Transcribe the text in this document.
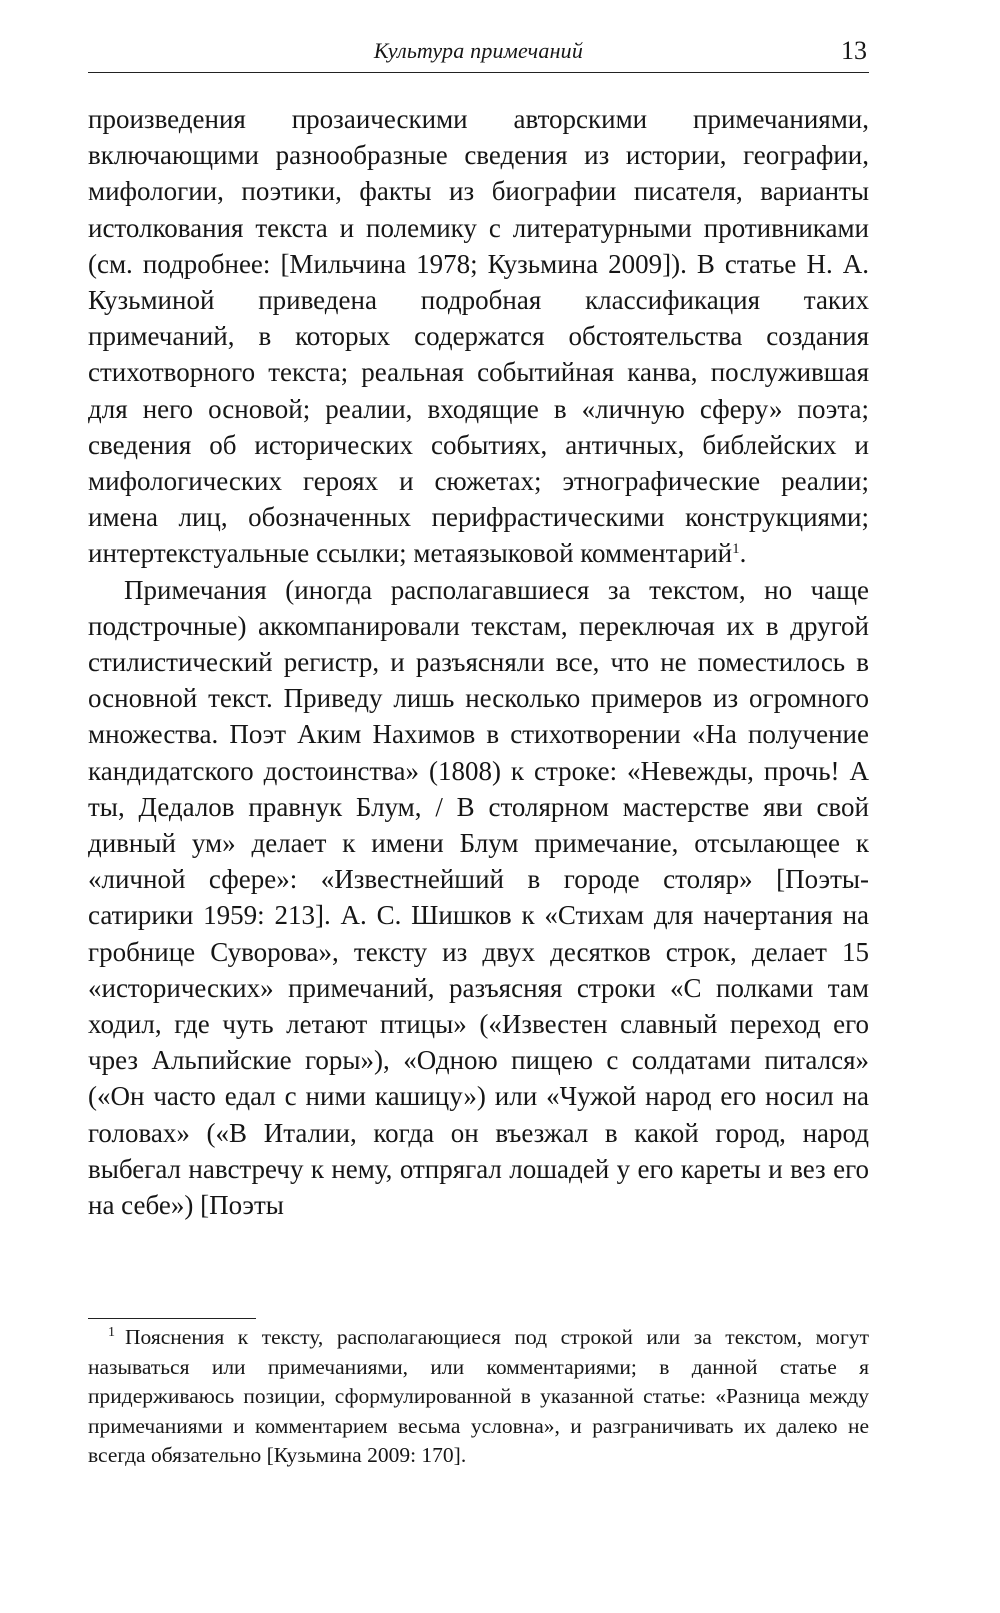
Культура примечаний	13

произведения прозаическими авторскими примечаниями, включающими разнообразные сведения из истории, географии, мифологии, поэтики, факты из биографии писателя, варианты истолкования текста и полемику с литературными противниками (см. подробнее: [Мильчина 1978; Кузьмина 2009]). В статье Н. А. Кузьминой приведена подробная классификация таких примечаний, в которых содержатся обстоятельства создания стихотворного текста; реальная событийная канва, послужившая для него основой; реалии, входящие в «личную сферу» поэта; сведения об исторических событиях, античных, библейских и мифологических героях и сюжетах; этнографические реалии; имена лиц, обозначенных перифрастическими конструкциями; интертекстуальные ссылки; метаязыковой комментарий$^1$.

Примечания (иногда располагавшиеся за текстом, но чаще подстрочные) аккомпанировали текстам, переключая их в другой стилистический регистр, и разъясняли все, что не поместилось в основной текст. Приведу лишь несколько примеров из огромного множества. Поэт Аким Нахимов в стихотворении «На получение кандидатского достоинства» (1808) к строке: «Невежды, прочь! А ты, Дедалов правнук Блум, / В столярном мастерстве яви свой дивный ум» делает к имени Блум примечание, отсылающее к «личной сфере»: «Известнейший в городе столяр» [Поэты-сатирики 1959: 213]. А. С. Шишков к «Стихам для начертания на гробнице Суворова», тексту из двух десятков строк, делает 15 «исторических» примечаний, разъясняя строки «С полками там ходил, где чуть летают птицы» («Известен славный переход его чрез Альпийские горы»), «Одною пищею с солдатами питался» («Он часто едал с ними кашицу») или «Чужой народ его носил на головах» («В Италии, когда он въезжал в какой город, народ выбегал навстречу к нему, отпрягал лошадей у его кареты и вез его на себе») [Поэты

$^1$ Пояснения к тексту, располагающиеся под строкой или за текстом, могут называться или примечаниями, или комментариями; в данной статье я придерживаюсь позиции, сформулированной в указанной статье: «Разница между примечаниями и комментарием весьма условна», и разграничивать их далеко не всегда обязательно [Кузьмина 2009: 170].
